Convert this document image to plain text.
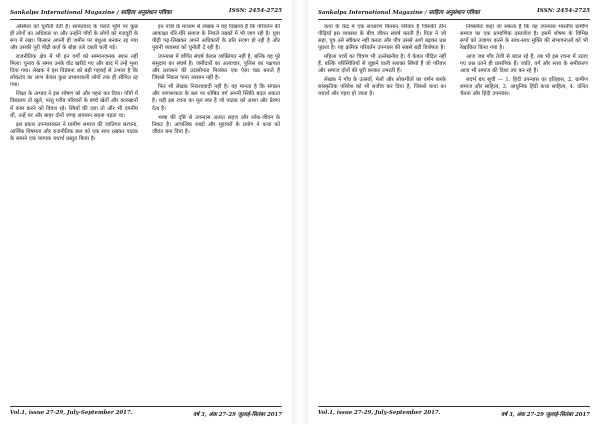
Sankalpa International Magazine / साहित्य अनुसंधान पत्रिका	ISSN: 2454-2725

अस्मिता को चुनौती देती है। सामंतवाद के चलते भूमि पर कुछ ही लोगों का अधिकार था और उन्होंने गाँवों के लोगों को मजदूरी के रूप में रखा। किसान अपनी ही जमीन पर बंधुआ बनकर रह गया और उसकी पूरी पीढ़ी कर्ज़ के बोझ तले दबती चली गई।

राजनीतिक क्षेत्र में भी इन वर्गों को सम्मानजनक स्थान नहीं मिला। चुनाव के समय उनके वोट खरीदे गए और बाद में उन्हें भुला दिया गया। लेखक ने इस विडंबना को बड़ी गहराई से उभारा है कि लोकतंत्र का लाभ केवल कुछ प्रभावशाली लोगों तक ही सीमित रह गया।

शिक्षा के अभाव ने इस शोषण को और गहरा कर दिया। गाँवों में विद्यालय तो खुले, परंतु गरीब परिवारों के बच्चे खेतों और कारखानों में काम करने को विवश रहे। स्त्रियों की दशा तो और भी दयनीय थी, उन्हें घर और बाहर दोनों जगह अपमान सहना पड़ता था।

इस प्रकार उपन्यासकार ने ग्रामीण समाज की जातिगत संरचना, आर्थिक विषमता और राजनीतिक छल को एक साथ रखकर पाठक के सामने एक व्यापक यथार्थ प्रस्तुत किया है।

इन पात्रों के माध्यम से लेखक ने यह दिखाया है कि परिवर्तन की आकांक्षा धीरे-धीरे समाज के निचले तबकों में भी जाग रही है। युवा पीढ़ी पढ़-लिखकर अपने अधिकारों के प्रति सजग हो रही है और पुरानी व्यवस्था को चुनौती दे रही है।

उपन्यास में वर्णित संघर्ष केवल व्यक्तिगत नहीं है, बल्कि वह पूरे समुदाय का संघर्ष है। जमींदारों का अत्याचार, पुलिस का पक्षपात और प्रशासन की उदासीनता मिलकर एक ऐसा चक्र बनाते हैं जिससे निकल पाना आसान नहीं है।

फिर भी लेखक निराशावादी नहीं है। वह मानता है कि संगठन और जागरूकता के बल पर शोषित वर्ग अपनी स्थिति बदल सकता है। यही इस रचना का मूल स्वर है जो पाठक को आशा और प्रेरणा देता है।

भाषा की दृष्टि से उपन्यास अत्यंत सहज और लोक-जीवन के निकट है। आंचलिक शब्दों और मुहावरों के प्रयोग ने कथा को जीवंत बना दिया है।

Vol.1, issue 27-29, July-September 2017.	वर्ष 3, अंक 27-29 जुलाई-सितंबर 2017
Sankalpa International Magazine / साहित्य अनुसंधान पत्रिका	ISSN: 2454-2725

कथा के केंद्र में एक साधारण किसान परिवार है जिसकी तीन पीढ़ियाँ इस व्यवस्था के बीच जीवन संघर्ष करती हैं। पिता ने जो सहा, पुत्र उसे स्वीकार नहीं करता और पौत्र उससे आगे बढ़कर प्रश्न पूछता है। यह क्रमिक परिवर्तन उपन्यास की सबसे बड़ी विशेषता है।

महिला पात्रों का चित्रण भी उल्लेखनीय है। वे केवल पीड़ित नहीं हैं, बल्कि परिस्थितियों से जूझने वाली सशक्त स्त्रियाँ हैं जो परिवार और समाज दोनों की धुरी बनकर उभरती हैं।

लेखक ने गाँव के उत्सवों, मेलों और लोकगीतों का वर्णन करके सांस्कृतिक परिवेश को भी सजीव कर दिया है, जिससे कथा का यथार्थ और गहरा हो जाता है।

निष्कर्षतः कहा जा सकता है कि यह उपन्यास भारतीय ग्रामीण समाज का एक प्रामाणिक दस्तावेज है। इसमें शोषण के विभिन्न रूपों को उजागर करने के साथ-साथ मुक्ति की संभावनाओं को भी रेखांकित किया गया है।

आज जब गाँव तेजी से बदल रहे हैं, तब भी इस रचना में उठाए गए प्रश्न उतने ही प्रासंगिक हैं। जाति, वर्ग और सत्ता के समीकरण आज भी समाज की दिशा तय कर रहे हैं।

संदर्भ ग्रंथ सूची — 1. हिंदी उपन्यास का इतिहास, 2. ग्रामीण समाज और साहित्य, 3. आधुनिक हिंदी कथा साहित्य, 4. दलित चेतना और हिंदी उपन्यास।

Vol.1, issue 27-29, July-September 2017.	वर्ष 3, अंक 27-29 जुलाई-सितंबर 2017
